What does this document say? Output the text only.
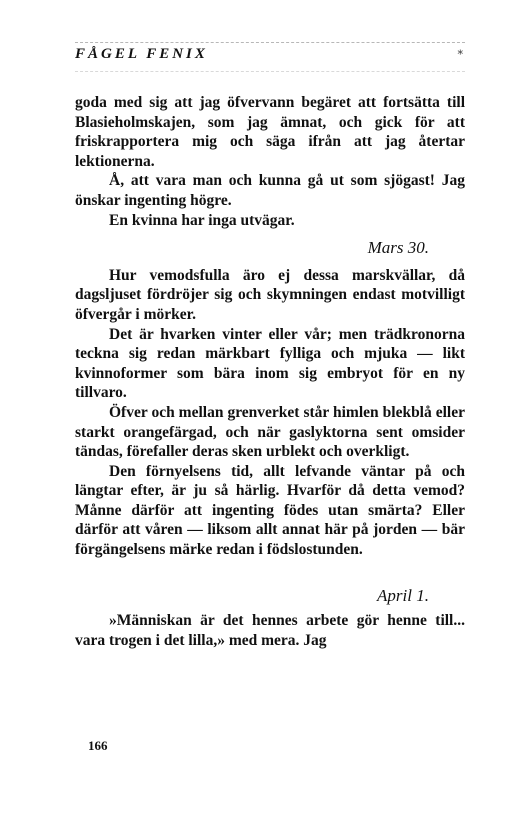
FÅGEL FENIX	*

goda med sig att jag öfvervann begäret att fortsätta till Blasieholmskajen, som jag ämnat, och gick för att friskrapportera mig och säga ifrån att jag återtar lektionerna.

Å, att vara man och kunna gå ut som sjögast! Jag önskar ingenting högre.

En kvinna har inga utvägar.

Mars 30.

Hur vemodsfulla äro ej dessa marskvällar, då dagsljuset fördröjer sig och skymningen endast motvilligt öfvergår i mörker.

Det är hvarken vinter eller vår; men trädkronorna teckna sig redan märkbart fylliga och mjuka — likt kvinnoformer som bära inom sig embryot för en ny tillvaro.

Öfver och mellan grenverket står himlen blekblå eller starkt orangefärgad, och när gaslyktorna sent omsider tändas, förefaller deras sken urblekt och overkligt.

Den förnyelsens tid, allt lefvande väntar på och längtar efter, är ju så härlig. Hvarför då detta vemod? Månne därför att ingenting födes utan smärta? Eller därför att våren — liksom allt annat här på jorden — bär förgängelsens märke redan i födslostunden.

April 1.

»Människan är det hennes arbete gör henne till... vara trogen i det lilla,» med mera. Jag

166
